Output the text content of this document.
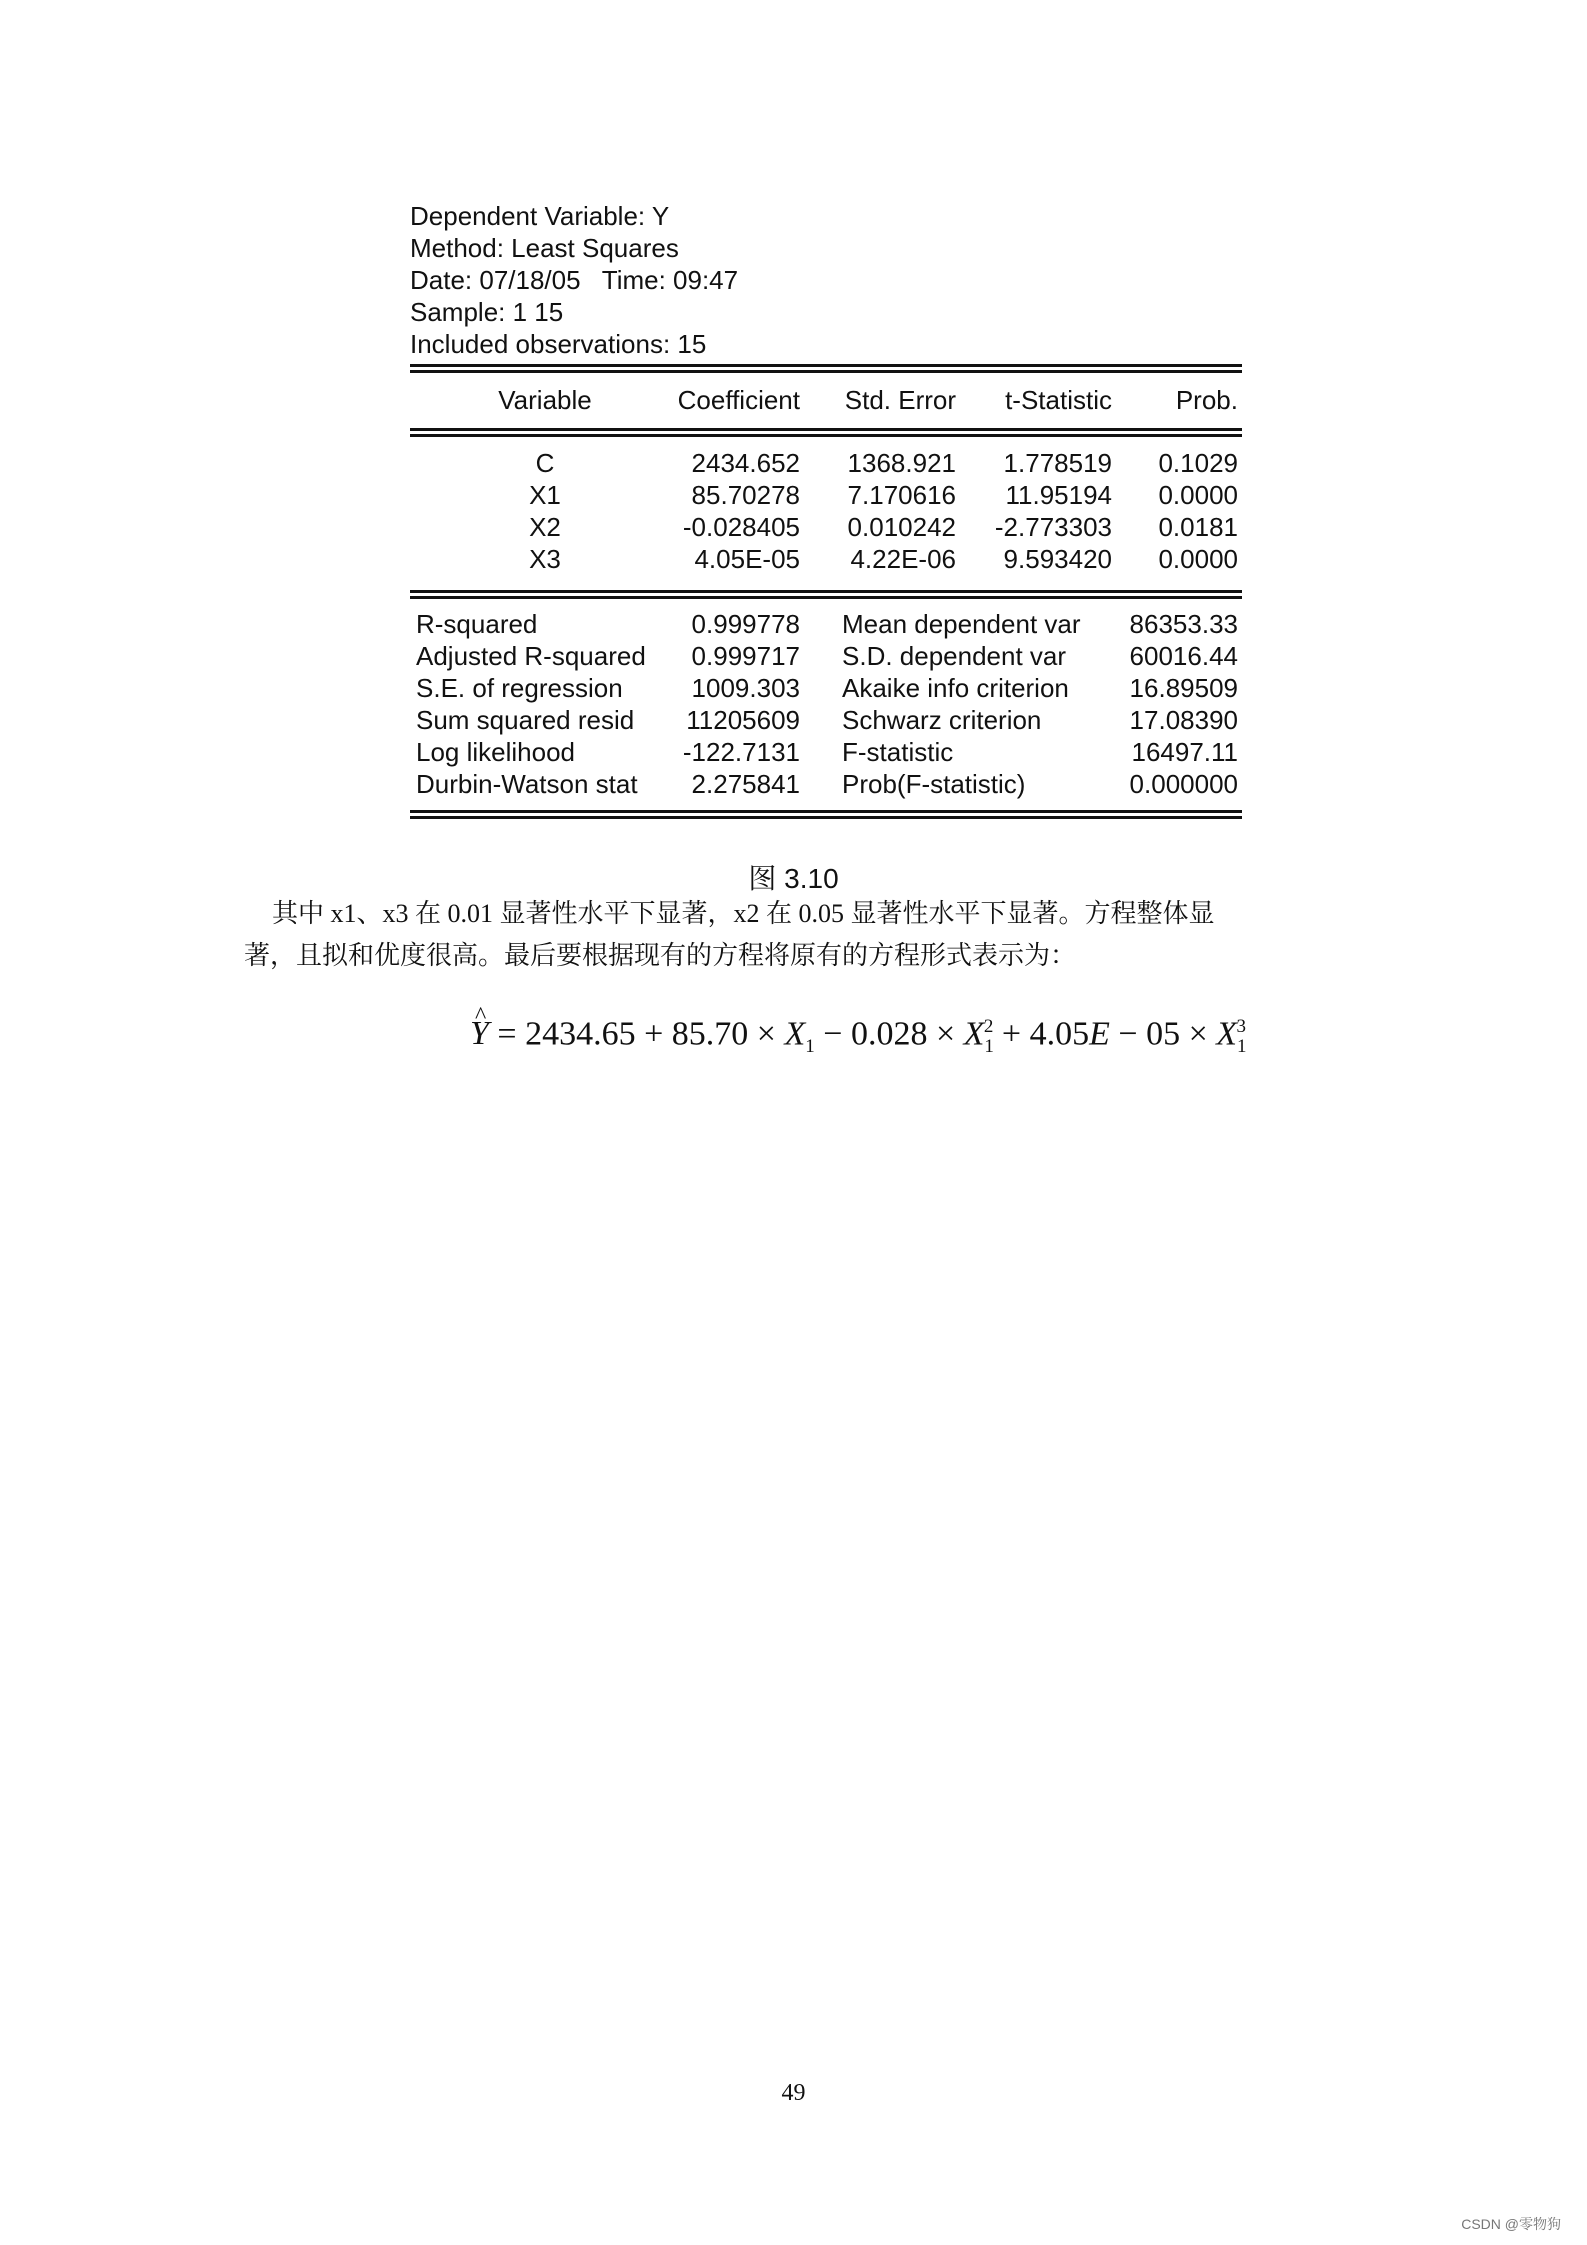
Dependent Variable: Y
Method: Least Squares
Date: 07/18/05   Time: 09:47
Sample: 1 15
Included observations: 15
Variable	Coefficient	Std. Error	t-Statistic	Prob.
C	2434.652	1368.921	1.778519	0.1029
X1	85.70278	7.170616	11.95194	0.0000
X2	-0.028405	0.010242	-2.773303	0.0181
X3	4.05E-05	4.22E-06	9.593420	0.0000
R-squared	0.999778 Mean dependent var	86353.33
Adjusted R-squared	0.999717 S.D. dependent var	60016.44
S.E. of regression	1009.303 Akaike info criterion	16.89509
Sum squared resid	11205609 Schwarz criterion	17.08390
Log likelihood	-122.7131 F-statistic	16497.11
Durbin-Watson stat	2.275841 Prob(F-statistic)	0.000000
图 3.10
其中 x1、x3 在 0.01 显著性水平下显著，x2 在 0.05 显著性水平下显著。方程整体显
著，且拟和优度很高。最后要根据现有的方程将原有的方程形式表示为：
^ $Y = 2434.65 + 85.70 \times X_1 - 0.028 \times X_1^2 + 4.05E - 05 \times X_1^3$
49
CSDN @零物狗
